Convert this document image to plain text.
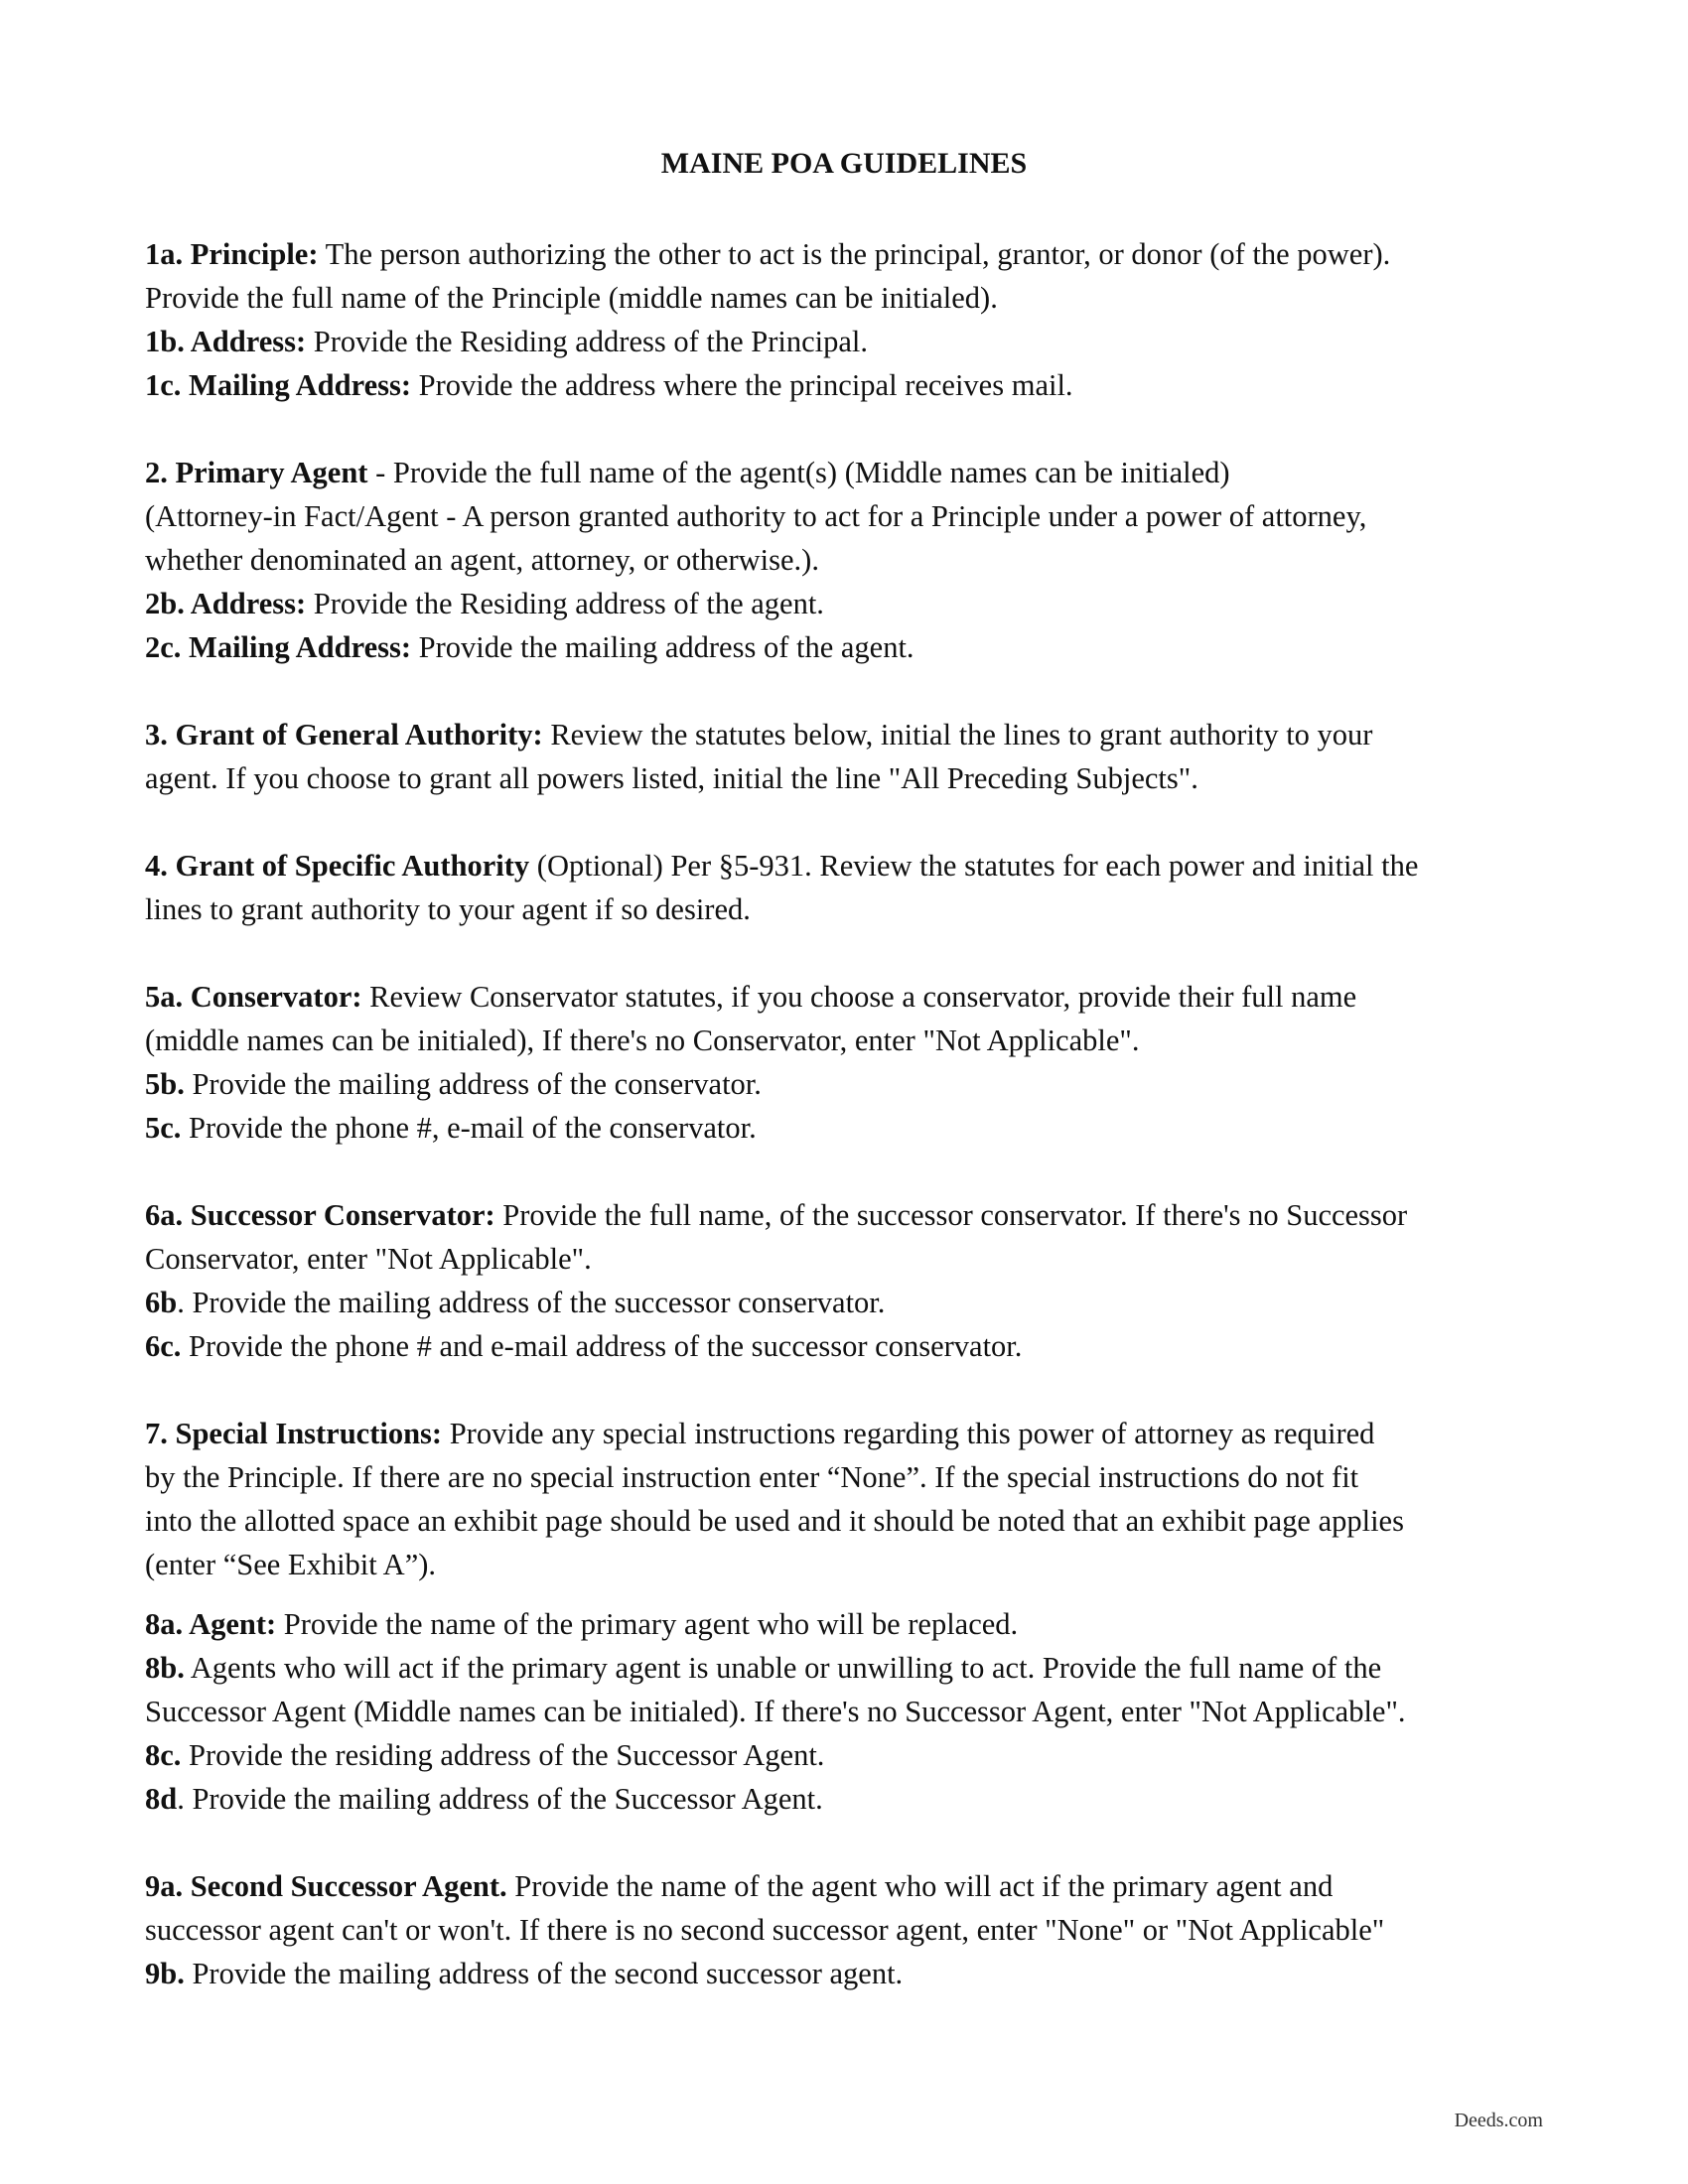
MAINE POA GUIDELINES

1a. Principle: The person authorizing the other to act is the principal, grantor, or donor (of the power).

Provide the full name of the Principle (middle names can be initialed).

1b. Address: Provide the Residing address of the Principal.

1c. Mailing Address: Provide the address where the principal receives mail.

2. Primary Agent - Provide the full name of the agent(s) (Middle names can be initialed)

(Attorney-in Fact/Agent - A person granted authority to act for a Principle under a power of attorney,

whether denominated an agent, attorney, or otherwise.).

2b. Address: Provide the Residing address of the agent.

2c. Mailing Address: Provide the mailing address of the agent.

3. Grant of General Authority: Review the statutes below, initial the lines to grant authority to your

agent. If you choose to grant all powers listed, initial the line "All Preceding Subjects".

4. Grant of Specific Authority (Optional) Per §5-931. Review the statutes for each power and initial the

lines to grant authority to your agent if so desired.

5a. Conservator: Review Conservator statutes, if you choose a conservator, provide their full name

(middle names can be initialed), If there's no Conservator, enter "Not Applicable".

5b. Provide the mailing address of the conservator.

5c. Provide the phone #, e-mail of the conservator.

6a. Successor Conservator: Provide the full name, of the successor conservator. If there's no Successor

Conservator, enter "Not Applicable".

6b. Provide the mailing address of the successor conservator.

6c. Provide the phone # and e-mail address of the successor conservator.

7. Special Instructions: Provide any special instructions regarding this power of attorney as required

by the Principle. If there are no special instruction enter “None”. If the special instructions do not fit

into the allotted space an exhibit page should be used and it should be noted that an exhibit page applies

(enter “See Exhibit A”).

8a. Agent: Provide the name of the primary agent who will be replaced.

8b. Agents who will act if the primary agent is unable or unwilling to act. Provide the full name of the

Successor Agent (Middle names can be initialed). If there's no Successor Agent, enter "Not Applicable".

8c. Provide the residing address of the Successor Agent.

8d. Provide the mailing address of the Successor Agent.

9a. Second Successor Agent. Provide the name of the agent who will act if the primary agent and

successor agent can't or won't. If there is no second successor agent, enter "None" or "Not Applicable"

9b. Provide the mailing address of the second successor agent.

Deeds.com
